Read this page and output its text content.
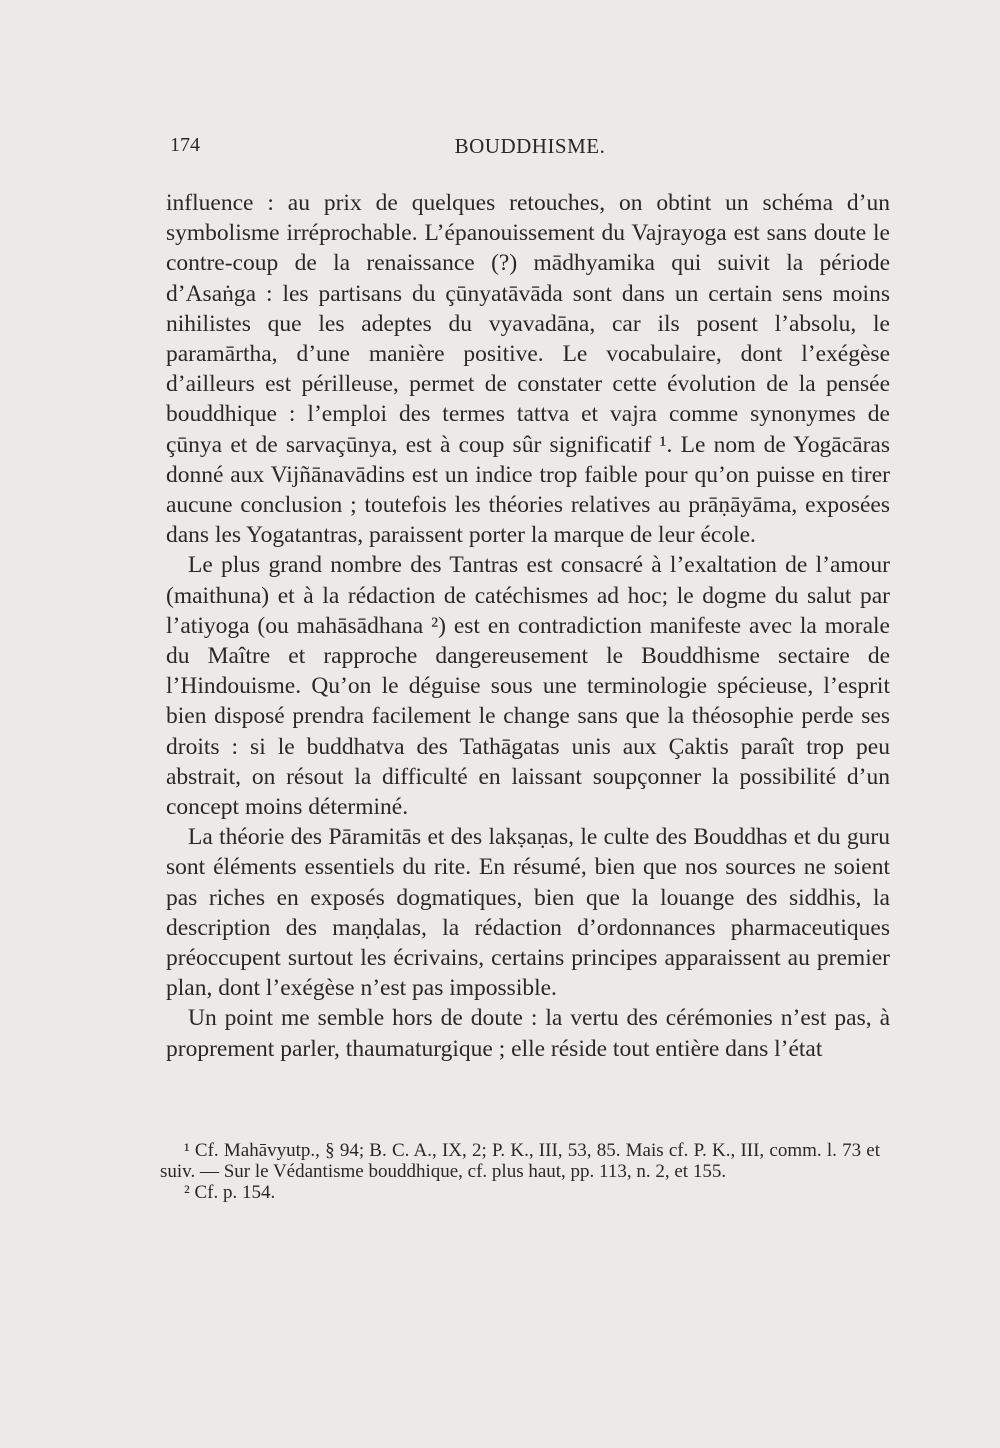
174	BOUDDHISME.

influence : au prix de quelques retouches, on obtint un schéma d’un symbolisme irréprochable. L’épanouissement du Vajrayoga est sans doute le contre-coup de la renaissance (?) mādhyamika qui suivit la période d’Asaṅga : les partisans du çūnyatāvāda sont dans un certain sens moins nihilistes que les adeptes du vyavadāna, car ils posent l’absolu, le paramārtha, d’une manière positive. Le vocabulaire, dont l’exégèse d’ailleurs est périlleuse, permet de constater cette évolution de la pensée bouddhique : l’emploi des termes tattva et vajra comme synonymes de çūnya et de sarvaçūnya, est à coup sûr significatif ¹. Le nom de Yogācāras donné aux Vijñānavādins est un indice trop faible pour qu’on puisse en tirer aucune conclusion ; toutefois les théories relatives au prāṇāyāma, exposées dans les Yogatantras, paraissent porter la marque de leur école.

Le plus grand nombre des Tantras est consacré à l’exaltation de l’amour (maithuna) et à la rédaction de catéchismes ad hoc; le dogme du salut par l’atiyoga (ou mahāsādhana ²) est en contradiction manifeste avec la morale du Maître et rapproche dangereusement le Bouddhisme sectaire de l’Hindouisme. Qu’on le déguise sous une terminologie spécieuse, l’esprit bien disposé prendra facilement le change sans que la théosophie perde ses droits : si le buddhatva des Tathāgatas unis aux Çaktis paraît trop peu abstrait, on résout la difficulté en laissant soupçonner la possibilité d’un concept moins déterminé.

La théorie des Pāramitās et des lakṣaṇas, le culte des Bouddhas et du guru sont éléments essentiels du rite. En résumé, bien que nos sources ne soient pas riches en exposés dogmatiques, bien que la louange des siddhis, la description des maṇḍalas, la rédaction d’ordonnances pharmaceutiques préoccupent surtout les écrivains, certains principes apparaissent au premier plan, dont l’exégèse n’est pas impossible.

Un point me semble hors de doute : la vertu des cérémonies n’est pas, à proprement parler, thaumaturgique ; elle réside tout entière dans l’état

¹ Cf. Mahāvyutp., § 94; B. C. A., IX, 2; P. K., III, 53, 85. Mais cf. P. K., III, comm. l. 73 et suiv. — Sur le Védantisme bouddhique, cf. plus haut, pp. 113, n. 2, et 155.

² Cf. p. 154.
